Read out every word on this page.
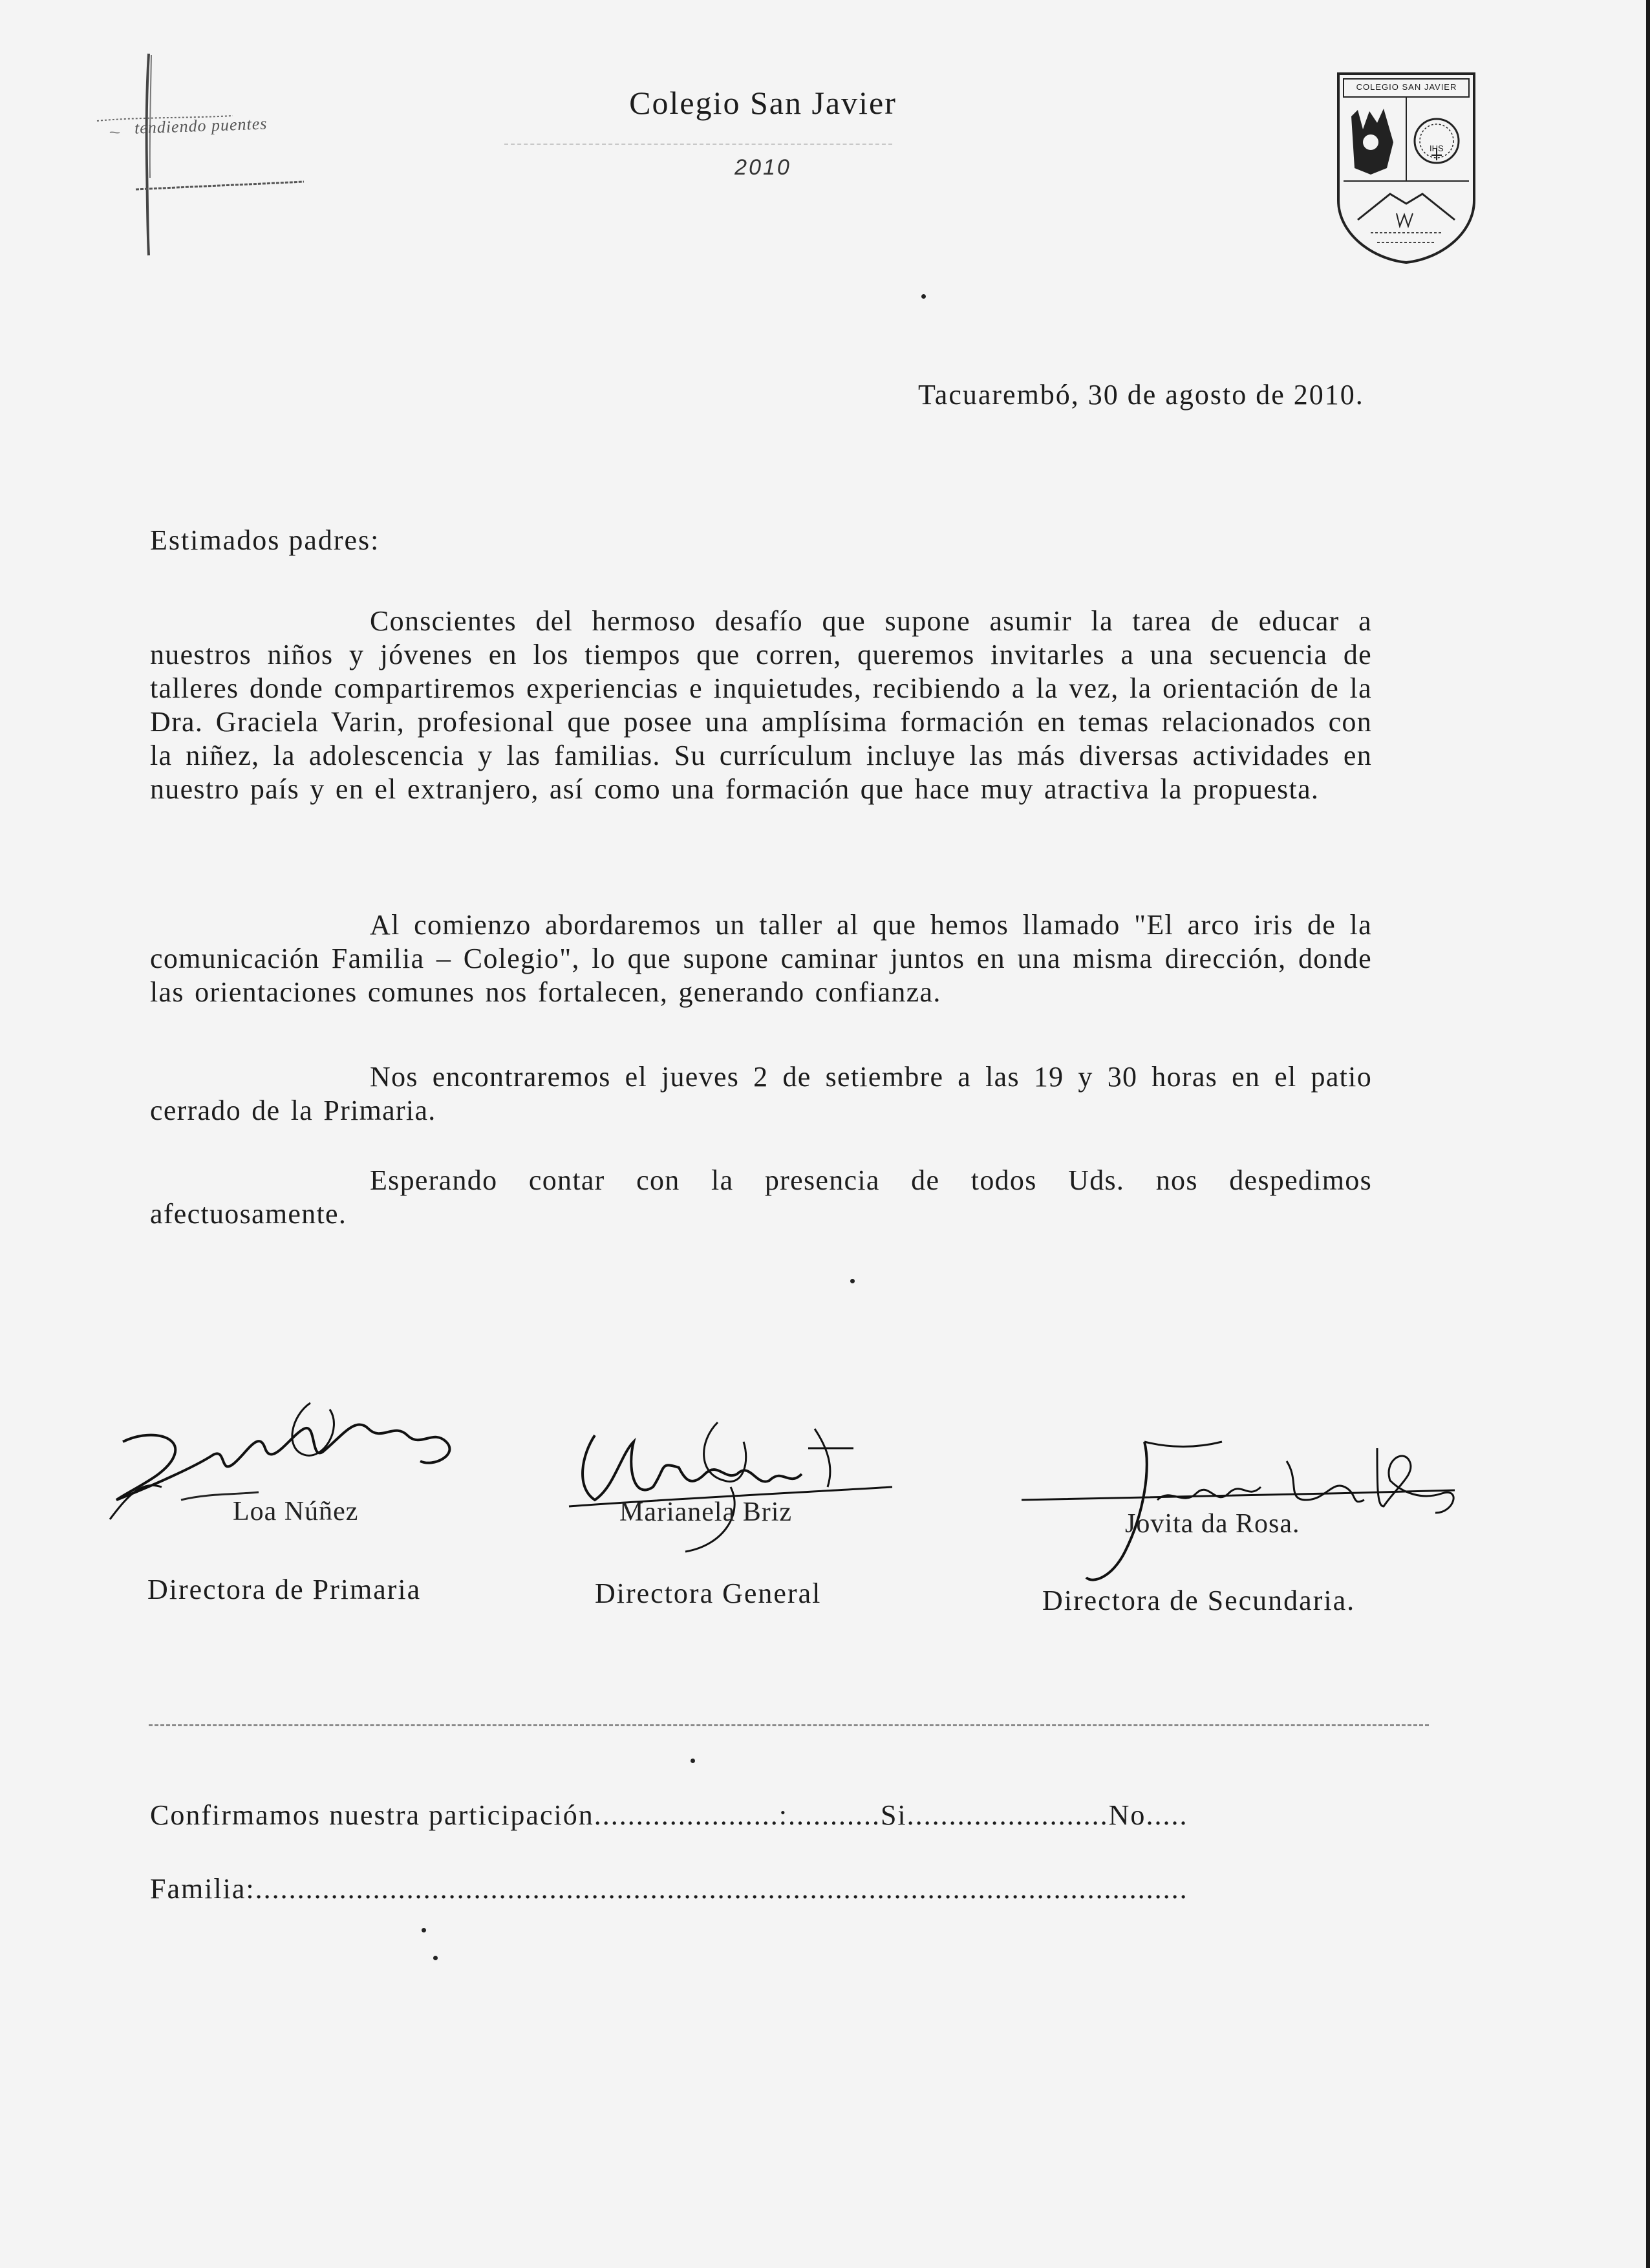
tendiendo puentes
Colegio San Javier
2010
COLEGIO SAN JAVIER
IHS
Tacuarembó, 30 de agosto de 2010.
Estimados padres:
Conscientes del hermoso desafío que supone asumir la tarea de educar a nuestros niños y jóvenes en los tiempos que corren, queremos invitarles a una secuencia de talleres donde compartiremos experiencias e inquietudes, recibiendo a la vez, la orientación de la Dra. Graciela Varin, profesional que posee una amplísima formación en temas relacionados con la niñez, la adolescencia y las familias. Su currículum incluye las más diversas actividades en nuestro país y en el extranjero, así como una formación que hace muy atractiva la propuesta.
Al comienzo abordaremos un taller al que hemos llamado "El arco iris de la comunicación Familia – Colegio", lo que supone caminar juntos en una misma dirección, donde las orientaciones comunes nos fortalecen, generando confianza.
Nos encontraremos el jueves 2 de setiembre a las 19 y 30 horas en el patio cerrado de la Primaria.
Esperando contar con la presencia de todos Uds. nos despedimos afectuosamente.
Loa Núñez
Directora de Primaria
Marianela Briz
Directora General
Jovita da Rosa.
Directora de Secundaria.
Confirmamos nuestra participación......................:...........Si........................No.....
Familia:...............................................................................................................
